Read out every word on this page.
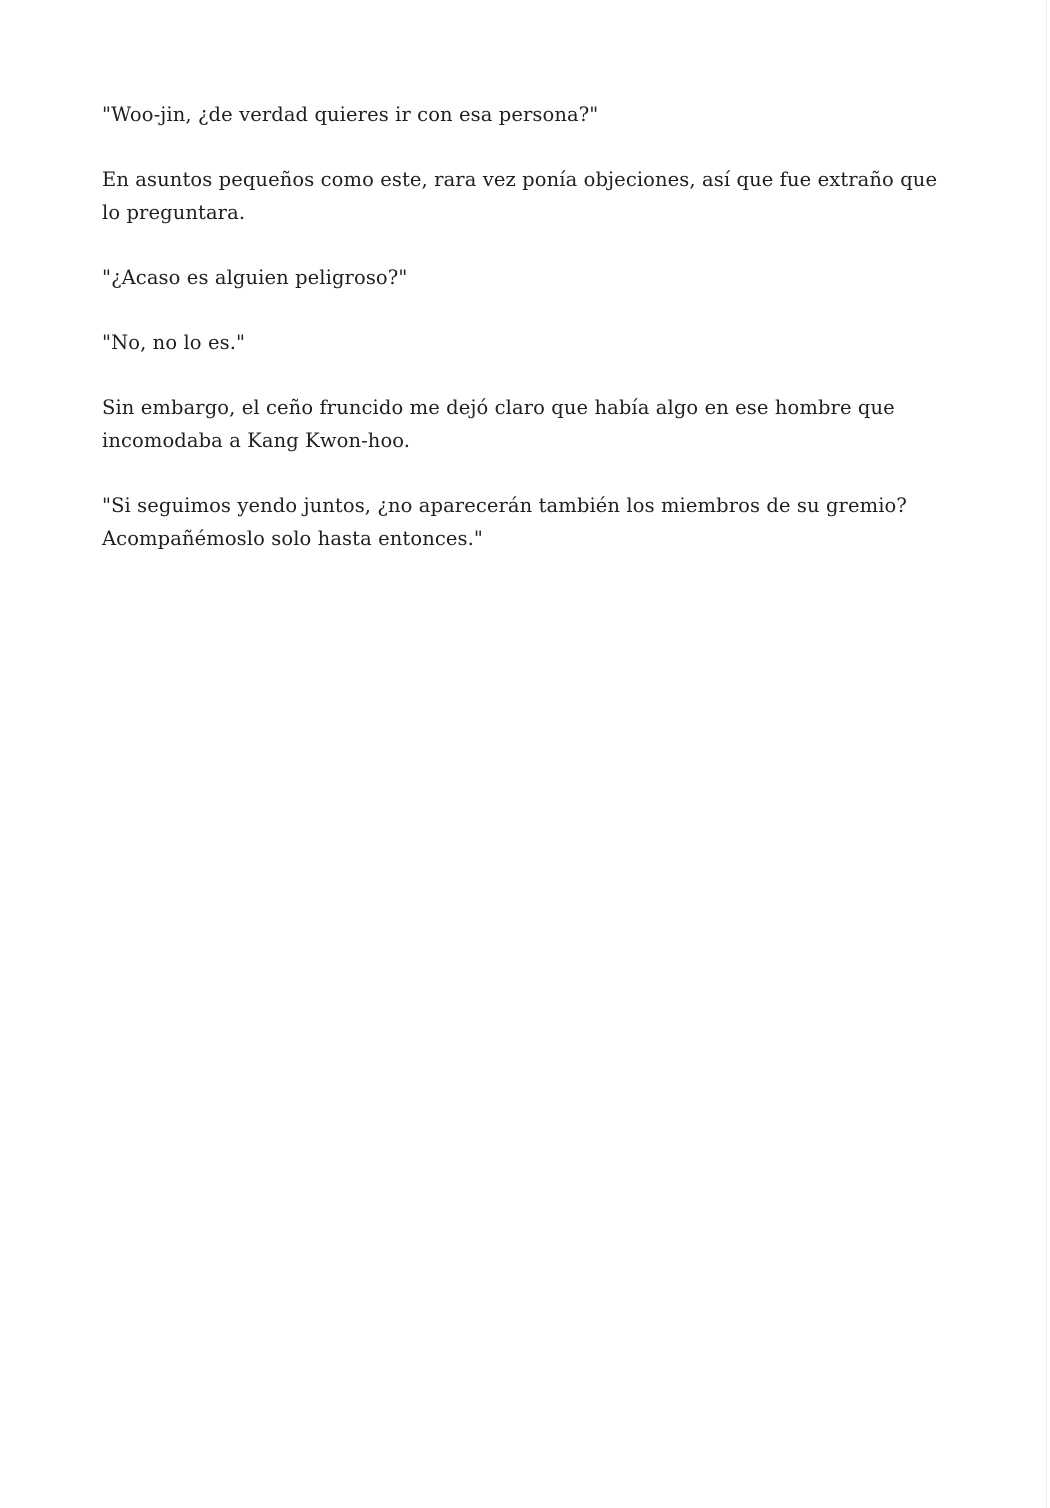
"Woo-jin, ¿de verdad quieres ir con esa persona?"

En asuntos pequeños como este, rara vez ponía objeciones, así que fue extraño que lo preguntara.

"¿Acaso es alguien peligroso?"

"No, no lo es."

Sin embargo, el ceño fruncido me dejó claro que había algo en ese hombre que incomodaba a Kang Kwon-hoo.

"Si seguimos yendo juntos, ¿no aparecerán también los miembros de su gremio? Acompañémoslo solo hasta entonces."
